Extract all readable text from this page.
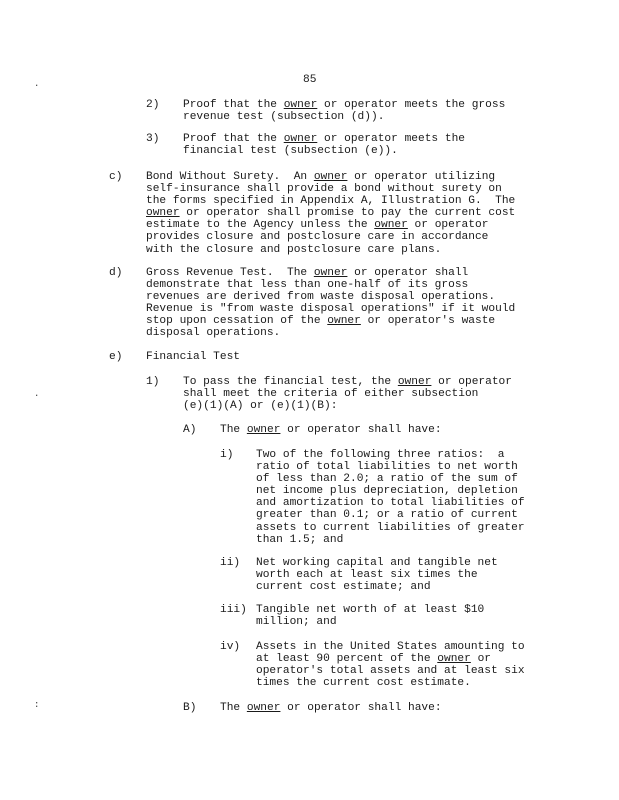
85
.
.
:
2) Proof that the owner or operator meets the gross
revenue test (subsection (d)).
3) Proof that the owner or operator meets the
financial test (subsection (e)).
c) Bond Without Surety.  An owner or operator utilizing
self-insurance shall provide a bond without surety on
the forms specified in Appendix A, Illustration G.  The
owner or operator shall promise to pay the current cost
estimate to the Agency unless the owner or operator
provides closure and postclosure care in accordance
with the closure and postclosure care plans.
d) Gross Revenue Test.  The owner or operator shall
demonstrate that less than one-half of its gross
revenues are derived from waste disposal operations.
Revenue is "from waste disposal operations" if it would
stop upon cessation of the owner or operator's waste
disposal operations.
e) Financial Test
1) To pass the financial test, the owner or operator
shall meet the criteria of either subsection
(e)(1)(A) or (e)(1)(B):
A) The owner or operator shall have:
i) Two of the following three ratios:  a
ratio of total liabilities to net worth
of less than 2.0; a ratio of the sum of
net income plus depreciation, depletion
and amortization to total liabilities of
greater than 0.1; or a ratio of current
assets to current liabilities of greater
than 1.5; and
ii) Net working capital and tangible net
worth each at least six times the
current cost estimate; and
iii) Tangible net worth of at least $10
million; and
iv) Assets in the United States amounting to
at least 90 percent of the owner or
operator's total assets and at least six
times the current cost estimate.
B) The owner or operator shall have:
